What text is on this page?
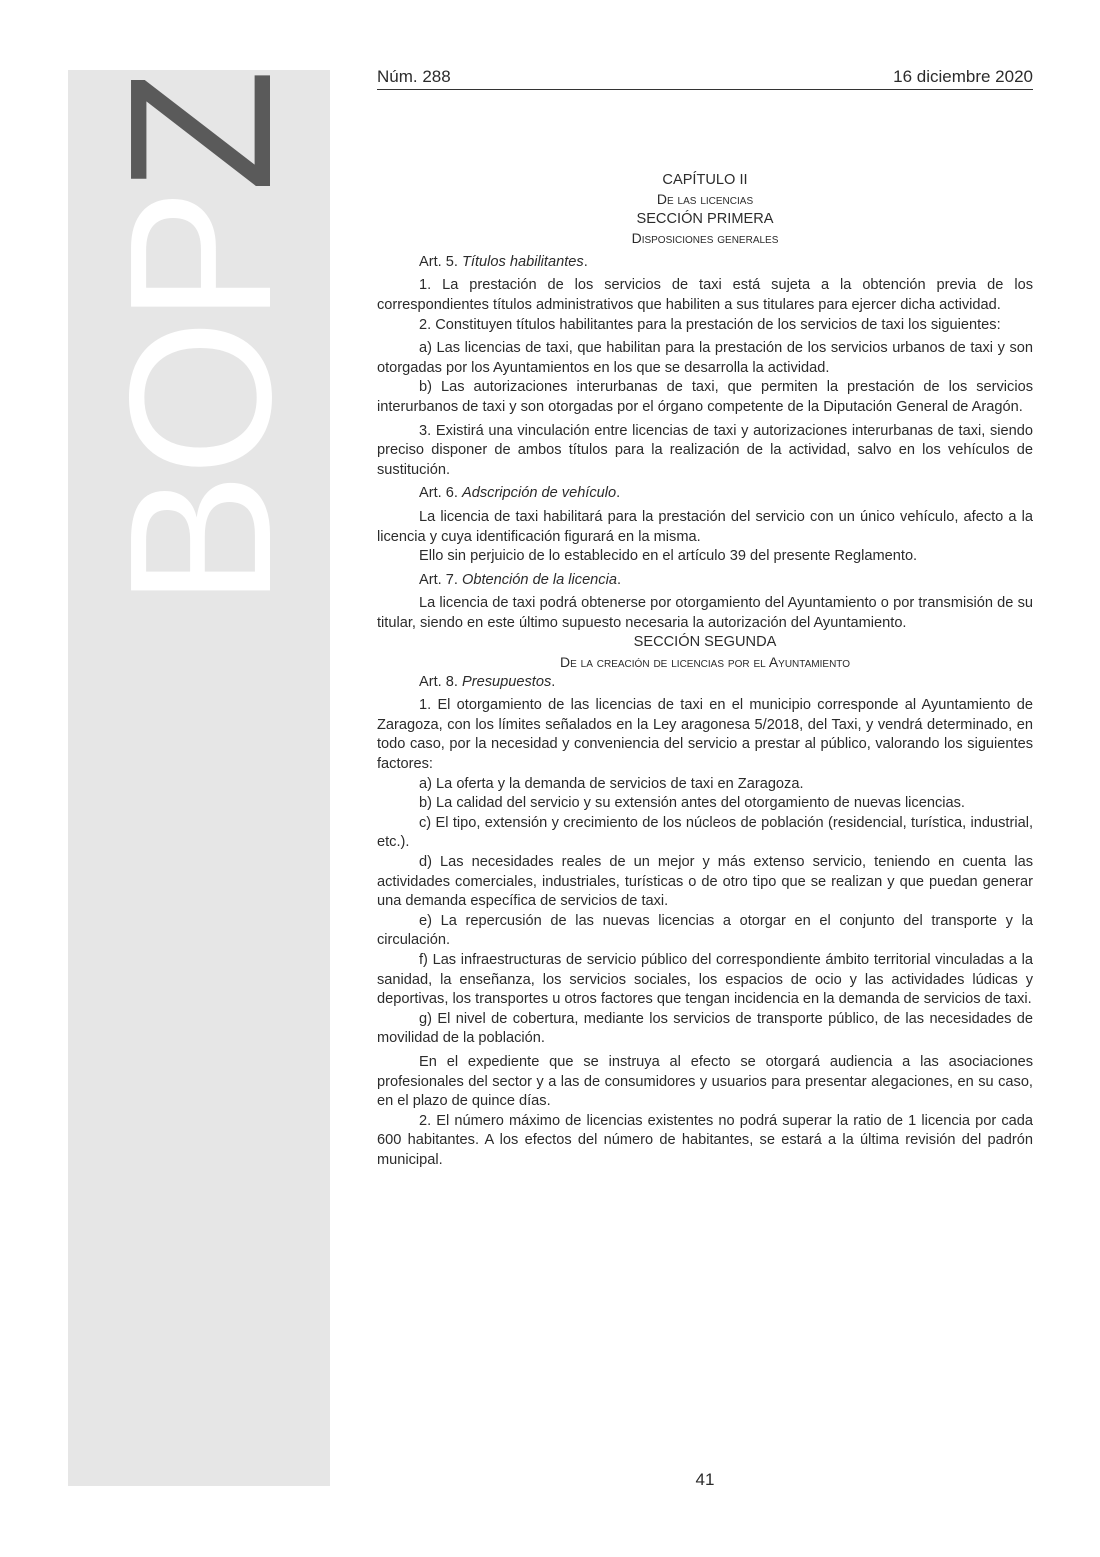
BOPZ	Núm. 288	16 diciembre 2020

CAPÍTULO II

De las licencias

SECCIÓN PRIMERA

Disposiciones generales

Art. 5. Títulos habilitantes.

1. La prestación de los servicios de taxi está sujeta a la obtención previa de los correspondientes títulos administrativos que habiliten a sus titulares para ejercer dicha actividad.

2. Constituyen títulos habilitantes para la prestación de los servicios de taxi los siguientes:

a) Las licencias de taxi, que habilitan para la prestación de los servicios urbanos de taxi y son otorgadas por los Ayuntamientos en los que se desarrolla la actividad.

b) Las autorizaciones interurbanas de taxi, que permiten la prestación de los servicios interurbanos de taxi y son otorgadas por el órgano competente de la Diputación General de Aragón.

3. Existirá una vinculación entre licencias de taxi y autorizaciones interurbanas de taxi, siendo preciso disponer de ambos títulos para la realización de la actividad, salvo en los vehículos de sustitución.

Art. 6. Adscripción de vehículo.

La licencia de taxi habilitará para la prestación del servicio con un único vehículo, afecto a la licencia y cuya identificación figurará en la misma.

Ello sin perjuicio de lo establecido en el artículo 39 del presente Reglamento.

Art. 7. Obtención de la licencia.

La licencia de taxi podrá obtenerse por otorgamiento del Ayuntamiento o por transmisión de su titular, siendo en este último supuesto necesaria la autorización del Ayuntamiento.

SECCIÓN SEGUNDA

De la creación de licencias por el Ayuntamiento

Art. 8. Presupuestos.

1. El otorgamiento de las licencias de taxi en el municipio corresponde al Ayuntamiento de Zaragoza, con los límites señalados en la Ley aragonesa 5/2018, del Taxi, y vendrá determinado, en todo caso, por la necesidad y conveniencia del servicio a prestar al público, valorando los siguientes factores:

a) La oferta y la demanda de servicios de taxi en Zaragoza.

b) La calidad del servicio y su extensión antes del otorgamiento de nuevas licencias.

c) El tipo, extensión y crecimiento de los núcleos de población (residencial, turística, industrial, etc.).

d) Las necesidades reales de un mejor y más extenso servicio, teniendo en cuenta las actividades comerciales, industriales, turísticas o de otro tipo que se realizan y que puedan generar una demanda específica de servicios de taxi.

e) La repercusión de las nuevas licencias a otorgar en el conjunto del transporte y la circulación.

f) Las infraestructuras de servicio público del correspondiente ámbito territorial vinculadas a la sanidad, la enseñanza, los servicios sociales, los espacios de ocio y las actividades lúdicas y deportivas, los transportes u otros factores que tengan incidencia en la demanda de servicios de taxi.

g) El nivel de cobertura, mediante los servicios de transporte público, de las necesidades de movilidad de la población.

En el expediente que se instruya al efecto se otorgará audiencia a las asociaciones profesionales del sector y a las de consumidores y usuarios para presentar alegaciones, en su caso, en el plazo de quince días.

2. El número máximo de licencias existentes no podrá superar la ratio de 1 licencia por cada 600 habitantes. A los efectos del número de habitantes, se estará a la última revisión del padrón municipal.

41
